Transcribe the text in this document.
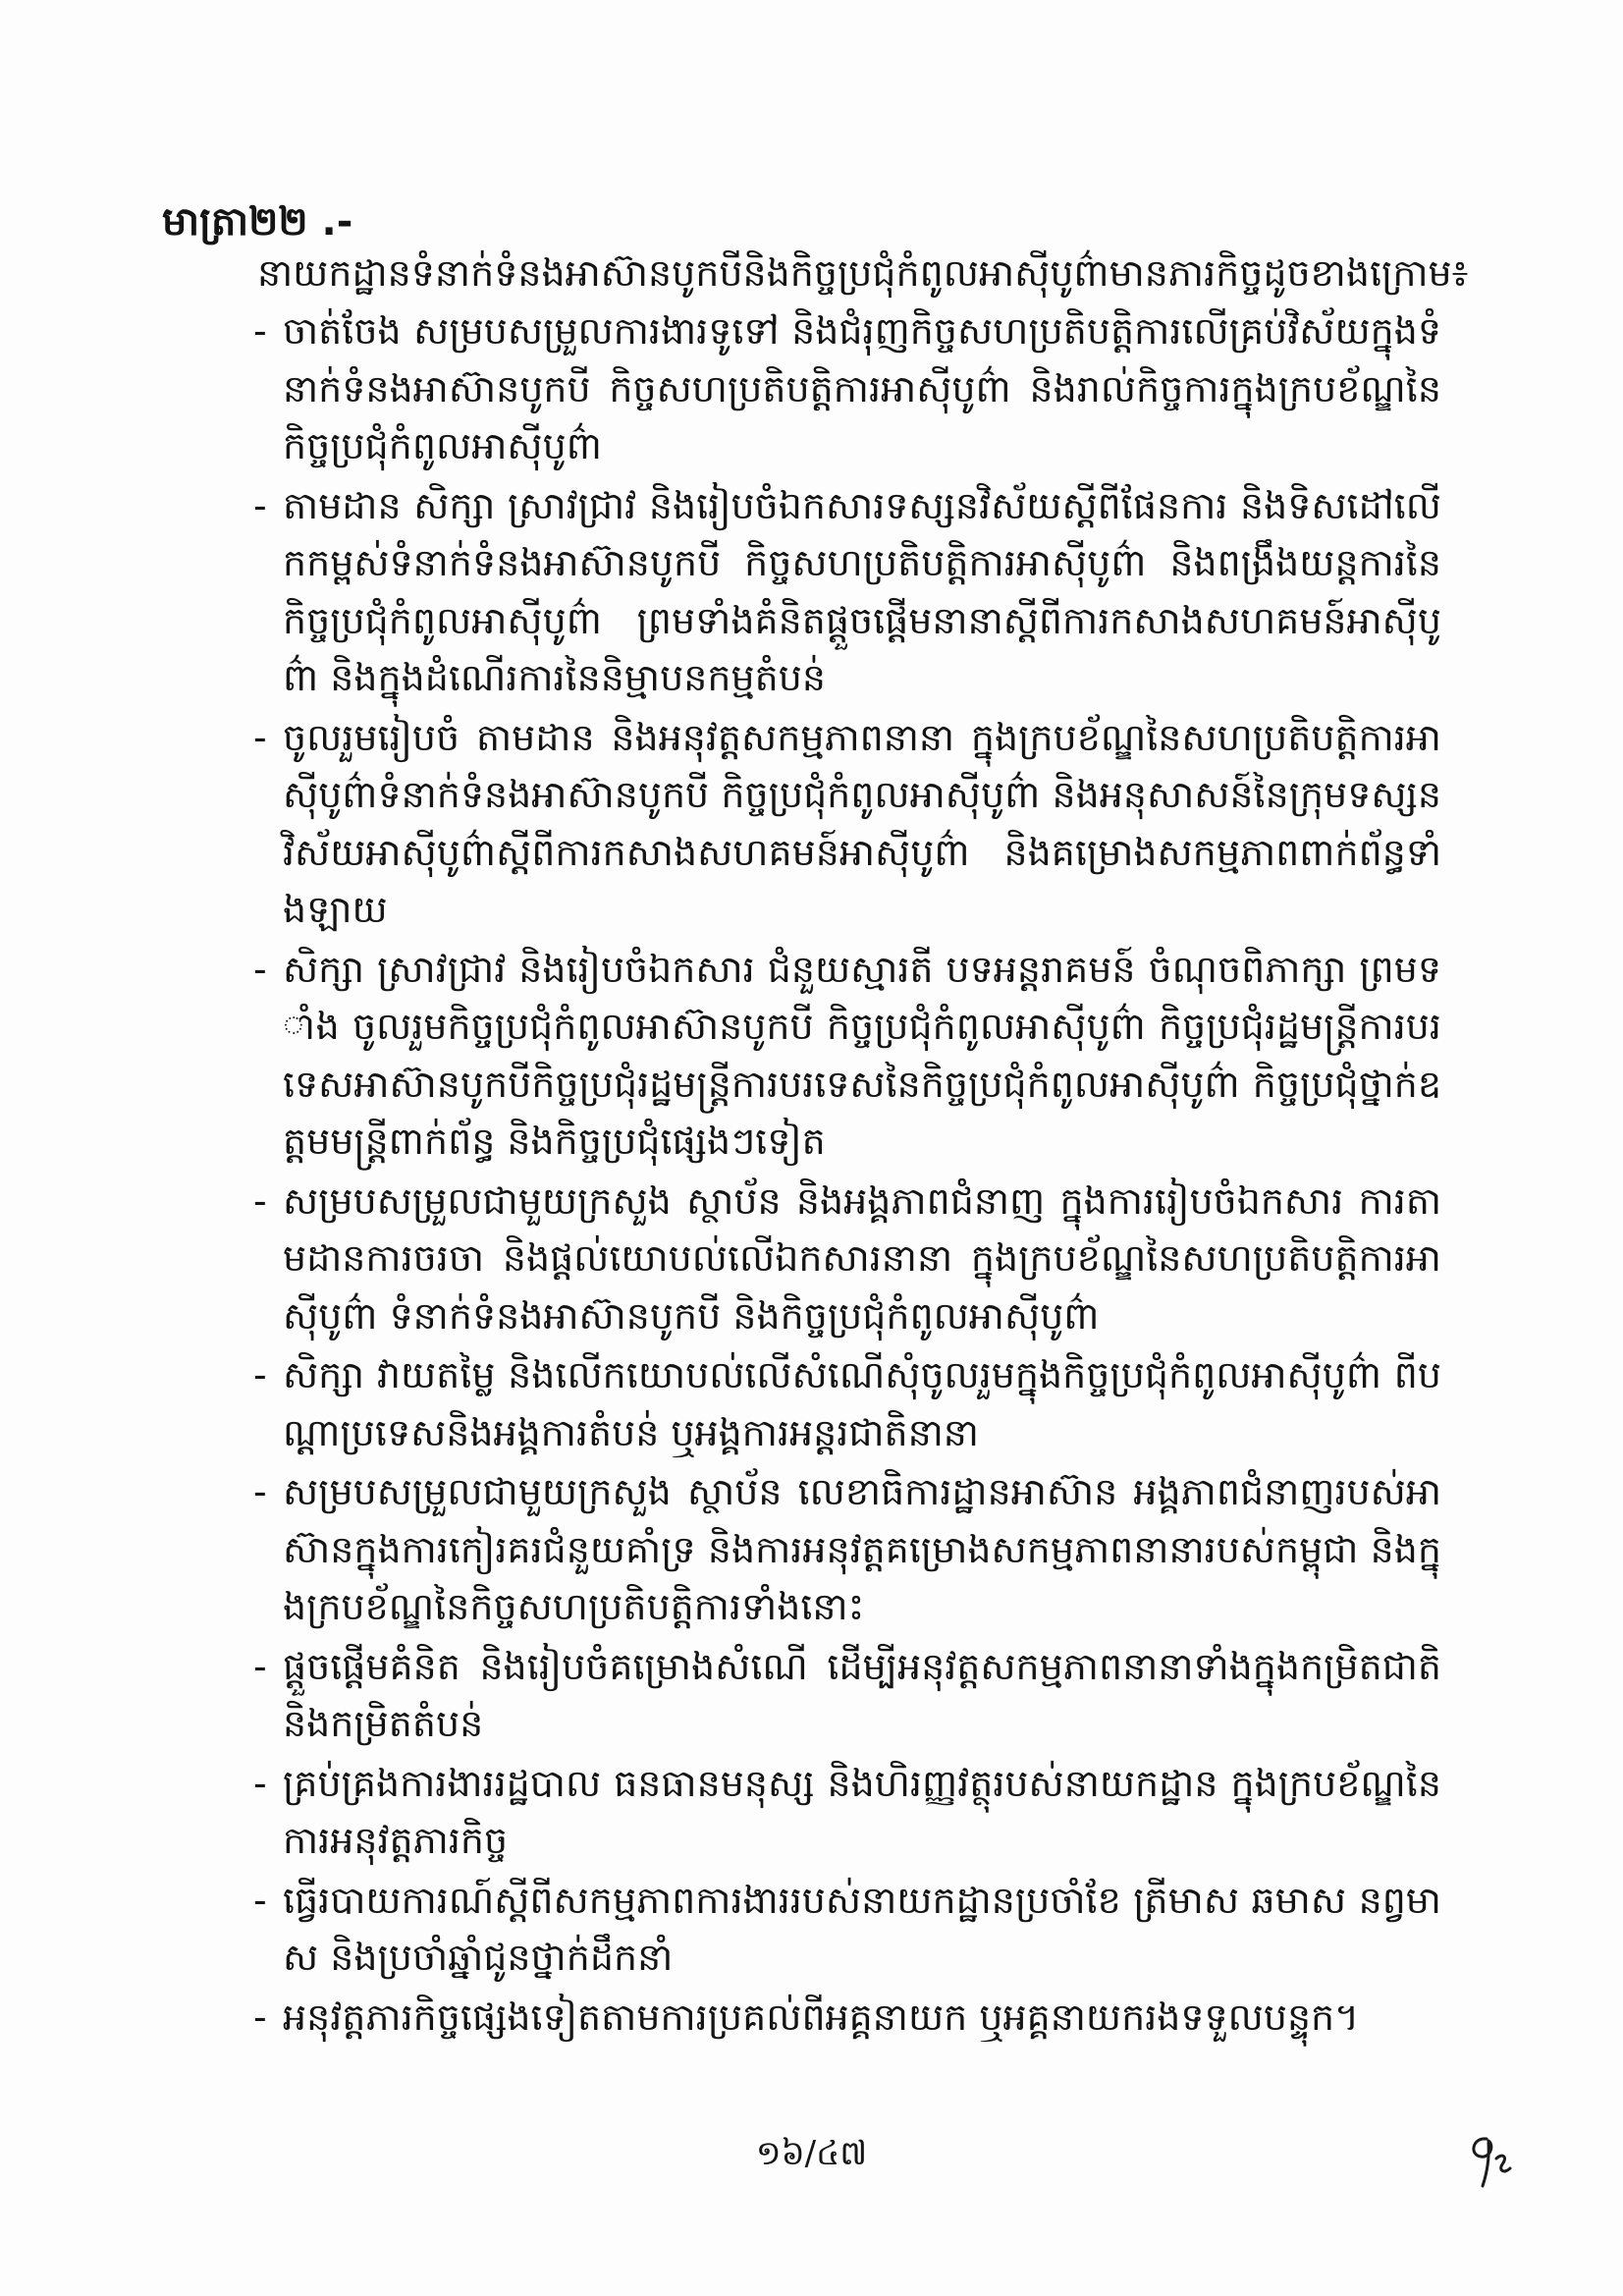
មាត្រា២២ .-
នាយកដ្ឋានទំនាក់ទំនងអាស៊ានបូកបីនិងកិច្ចប្រជុំកំពូលអាស៊ីបូព៌ាមានភារកិច្ចដូចខាងក្រោម៖
- ចាត់ចែង សម្របសម្រួលការងារទូទៅ និងជំរុញកិច្ចសហប្រតិបត្តិការលើគ្រប់វិស័យក្នុងទំនាក់ទំនងអាស៊ានបូកបី កិច្ចសហប្រតិបត្តិការអាស៊ីបូព៌ា និងរាល់កិច្ចការក្នុងក្របខ័ណ្ឌនៃកិច្ចប្រជុំកំពូលអាស៊ីបូព៌ា
- តាមដាន សិក្សា ស្រាវជ្រាវ និងរៀបចំឯកសារទស្សនវិស័យស្ដីពីផែនការ និងទិសដៅលើកកម្ពស់ទំនាក់ទំនងអាស៊ានបូកបី កិច្ចសហប្រតិបត្តិការអាស៊ីបូព៌ា និងពង្រឹងយន្តការនៃកិច្ចប្រជុំកំពូលអាស៊ីបូព៌ា ព្រមទាំងគំនិតផ្ដួចផ្ដើមនានាស្ដីពីការកសាងសហគមន៍អាស៊ីបូព៌ា និងក្នុងដំណើរការនៃនិម្មាបនកម្មតំបន់
- ចូលរួមរៀបចំ តាមដាន និងអនុវត្តសកម្មភាពនានា ក្នុងក្របខ័ណ្ឌនៃសហប្រតិបត្តិការអាស៊ីបូព៌ាទំនាក់ទំនងអាស៊ានបូកបី កិច្ចប្រជុំកំពូលអាស៊ីបូព៌ា និងអនុសាសន៍នៃក្រុមទស្សនវិស័យអាស៊ីបូព៌ាស្ដីពីការកសាងសហគមន៍អាស៊ីបូព៌ា និងគម្រោងសកម្មភាពពាក់ព័ន្ធទាំងឡាយ
- សិក្សា ស្រាវជ្រាវ និងរៀបចំឯកសារ ជំនួយស្មារតី បទអន្តរាគមន៍ ចំណុចពិភាក្សា ព្រមទាំង ចូលរួមកិច្ចប្រជុំកំពូលអាស៊ានបូកបី កិច្ចប្រជុំកំពូលអាស៊ីបូព៌ា កិច្ចប្រជុំរដ្ឋមន្ត្រីការបរទេសអាស៊ានបូកបីកិច្ចប្រជុំរដ្ឋមន្ត្រីការបរទេសនៃកិច្ចប្រជុំកំពូលអាស៊ីបូព៌ា កិច្ចប្រជុំថ្នាក់ឧត្តមមន្ត្រីពាក់ព័ន្ធ និងកិច្ចប្រជុំផ្សេងៗទៀត
- សម្របសម្រួលជាមួយក្រសួង ស្ថាប័ន និងអង្គភាពជំនាញ ក្នុងការរៀបចំឯកសារ ការតាមដានការចរចា និងផ្ដល់យោបល់លើឯកសារនានា ក្នុងក្របខ័ណ្ឌនៃសហប្រតិបត្តិការអាស៊ីបូព៌ា ទំនាក់ទំនងអាស៊ានបូកបី និងកិច្ចប្រជុំកំពូលអាស៊ីបូព៌ា
- សិក្សា វាយតម្លៃ និងលើកយោបល់លើសំណើសុំចូលរួមក្នុងកិច្ចប្រជុំកំពូលអាស៊ីបូព៌ា ពីបណ្ដាប្រទេសនិងអង្គការតំបន់ ឬអង្គការអន្តរជាតិនានា
- សម្របសម្រួលជាមួយក្រសួង ស្ថាប័ន លេខាធិការដ្ឋានអាស៊ាន អង្គភាពជំនាញរបស់អាស៊ានក្នុងការកៀរគរជំនួយគាំទ្រ និងការអនុវត្តគម្រោងសកម្មភាពនានារបស់កម្ពុជា និងក្នុងក្របខ័ណ្ឌនៃកិច្ចសហប្រតិបត្តិការទាំងនោះ
- ផ្ដួចផ្ដើមគំនិត និងរៀបចំគម្រោងសំណើ ដើម្បីអនុវត្តសកម្មភាពនានាទាំងក្នុងកម្រិតជាតិ និងកម្រិតតំបន់
- គ្រប់គ្រងការងាររដ្ឋបាល ធនធានមនុស្ស និងហិរញ្ញវត្ថុរបស់នាយកដ្ឋាន ក្នុងក្របខ័ណ្ឌនៃការអនុវត្តភារកិច្ច
- ធ្វើរបាយការណ៍ស្ដីពីសកម្មភាពការងាររបស់នាយកដ្ឋានប្រចាំខែ ត្រីមាស ឆមាស នព្វមាស និងប្រចាំឆ្នាំជូនថ្នាក់ដឹកនាំ
- អនុវត្តភារកិច្ចផ្សេងទៀតតាមការប្រគល់ពីអគ្គនាយក ឬអគ្គនាយករងទទួលបន្ទុក។
១៦/៤៧
